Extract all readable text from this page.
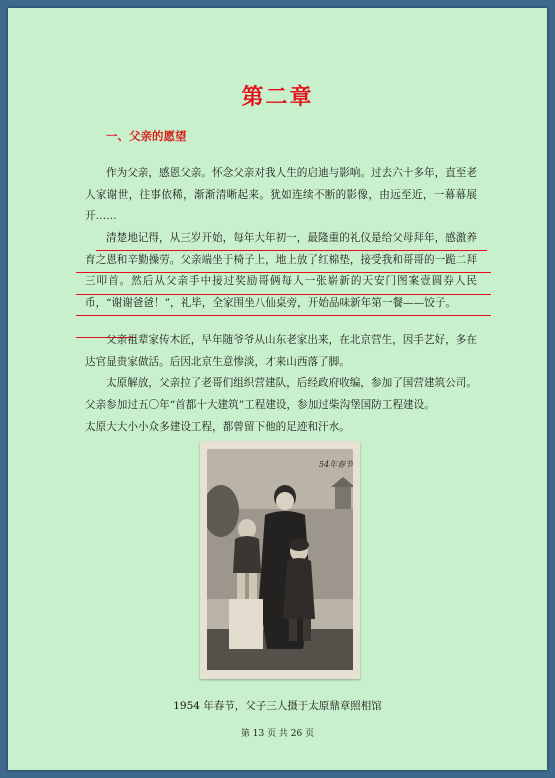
第二章
一、父亲的愿望

作为父亲，感恩父亲。怀念父亲对我人生的启迪与影响。过去六十多年，直至老人家谢世，往事依稀，渐渐清晰起来。犹如连续不断的影像，由远至近，一幕幕展开……

清楚地记得，从三岁开始，每年大年初一，最隆重的礼仪是给父母拜年，感激养育之恩和辛勤操劳。父亲端坐于椅子上，地上放了红棉垫，接受我和哥哥的一跪二拜三叩首。然后从父亲手中接过奖励哥俩每人一张崭新的天安门图案壹圆券人民币，“谢谢爸爸！”，礼毕，全家围坐八仙桌旁，开始品味新年第一餐——饺子。

父亲祖辈家传木匠，早年随爷爷从山东老家出来，在北京营生，因手艺好，多在达官显贵家做活。后因北京生意惨淡，才来山西落了脚。

太原解放，父亲拉了老哥们组织营建队，后经政府收编，参加了国营建筑公司。父亲参加过五〇年“首都十大建筑”工程建设，参加过柴沟堡国防工程建设。

太原大大小小众多建设工程，都曾留下他的足迹和汗水。

54年春节
1954 年春节，父子三人摄于太原鼎章照相馆
第 13 页 共 26 页
